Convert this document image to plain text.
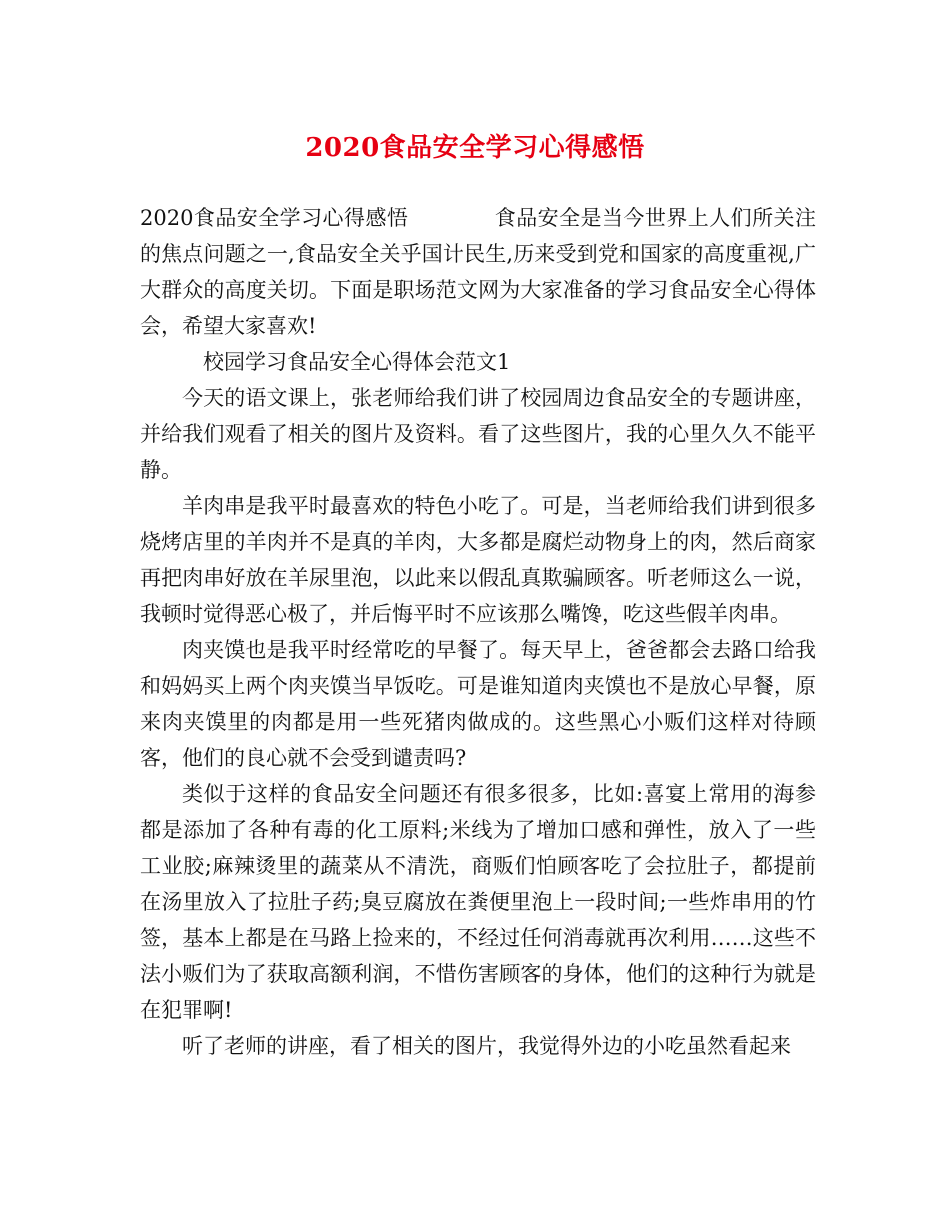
2020食品安全学习心得感悟

2020食品安全学习心得感悟	食品安全是当今世界上人们所关注的焦点问题之一,食品安全关乎国计民生,历来受到党和国家的高度重视,广大群众的高度关切。下面是职场范文网为大家准备的学习食品安全心得体会，希望大家喜欢!

校园学习食品安全心得体会范文1

今天的语文课上，张老师给我们讲了校园周边食品安全的专题讲座，并给我们观看了相关的图片及资料。看了这些图片，我的心里久久不能平静。

羊肉串是我平时最喜欢的特色小吃了。可是，当老师给我们讲到很多烧烤店里的羊肉并不是真的羊肉，大多都是腐烂动物身上的肉，然后商家再把肉串好放在羊尿里泡，以此来以假乱真欺骗顾客。听老师这么一说，我顿时觉得恶心极了，并后悔平时不应该那么嘴馋，吃这些假羊肉串。

肉夹馍也是我平时经常吃的早餐了。每天早上，爸爸都会去路口给我和妈妈买上两个肉夹馍当早饭吃。可是谁知道肉夹馍也不是放心早餐，原来肉夹馍里的肉都是用一些死猪肉做成的。这些黑心小贩们这样对待顾客，他们的良心就不会受到谴责吗?

类似于这样的食品安全问题还有很多很多，比如:喜宴上常用的海参都是添加了各种有毒的化工原料;米线为了增加口感和弹性，放入了一些工业胶;麻辣烫里的蔬菜从不清洗，商贩们怕顾客吃了会拉肚子，都提前在汤里放入了拉肚子药;臭豆腐放在粪便里泡上一段时间;一些炸串用的竹签，基本上都是在马路上捡来的，不经过任何消毒就再次利用……这些不法小贩们为了获取高额利润，不惜伤害顾客的身体，他们的这种行为就是在犯罪啊!

听了老师的讲座，看了相关的图片，我觉得外边的小吃虽然看起来
